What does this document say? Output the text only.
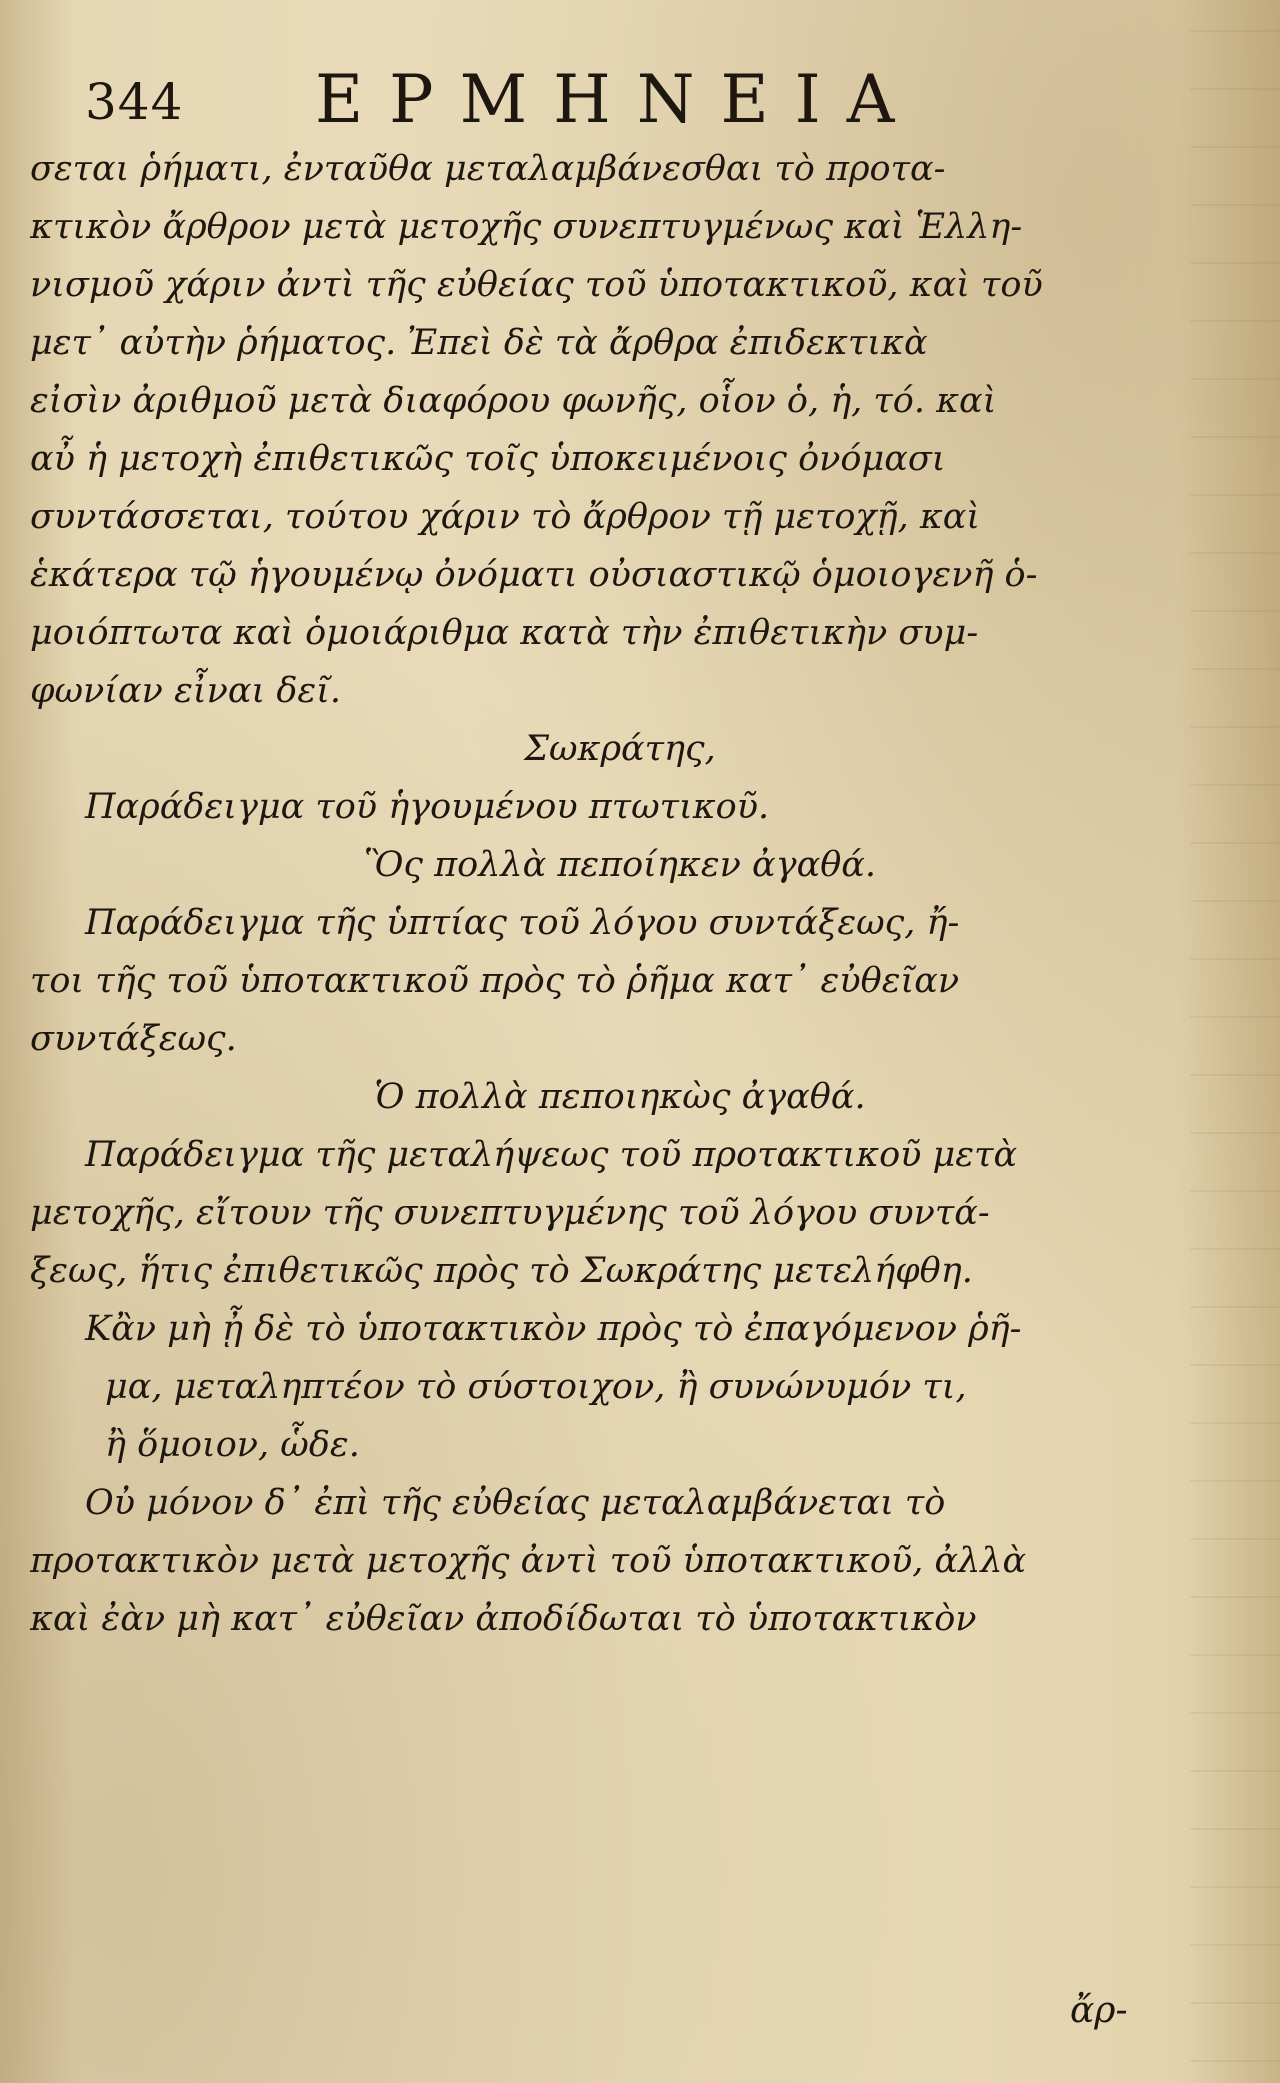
344 ΕΡΜΗΝΕΙΑ
σεται ῥήματι, ἐνταῦθα μεταλαμβάνεσθαι τὸ προτα-
κτικὸν ἄρθρον μετὰ μετοχῆς συνεπτυγμένως καὶ Ἑλλη-
νισμοῦ χάριν ἀντὶ τῆς εὐθείας τοῦ ὑποτακτικοῦ, καὶ τοῦ
μετ᾽ αὐτὴν ῥήματος. Ἐπεὶ δὲ τὰ ἄρθρα ἐπιδεκτικὰ
εἰσὶν ἀριθμοῦ μετὰ διαφόρου φωνῆς, οἷον ὁ, ἡ, τό. καὶ
αὖ ἡ μετοχὴ ἐπιθετικῶς τοῖς ὑποκειμένοις ὀνόμασι
συντάσσεται, τούτου χάριν τὸ ἄρθρον τῇ μετοχῇ, καὶ
ἑκάτερα τῷ ἡγουμένῳ ὀνόματι οὐσιαστικῷ ὁμοιογενῆ ὁ-
μοιόπτωτα καὶ ὁμοιάριθμα κατὰ τὴν ἐπιθετικὴν συμ-
φωνίαν εἶναι δεῖ.
Σωκράτης,
Παράδειγμα τοῦ ἡγουμένου πτωτικοῦ.
Ὃς πολλὰ πεποίηκεν ἀγαθά.
Παράδειγμα τῆς ὑπτίας τοῦ λόγου συντάξεως, ἤ-
τοι τῆς τοῦ ὑποτακτικοῦ πρὸς τὸ ῥῆμα κατ᾽ εὐθεῖαν
συντάξεως.
Ὁ πολλὰ πεποιηκὼς ἀγαθά.
Παράδειγμα τῆς μεταλήψεως τοῦ προτακτικοῦ μετὰ
μετοχῆς, εἴτουν τῆς συνεπτυγμένης τοῦ λόγου συντά-
ξεως, ἥτις ἐπιθετικῶς πρὸς τὸ Σωκράτης μετελήφθη.
Κἂν μὴ ᾖ δὲ τὸ ὑποτακτικὸν πρὸς τὸ ἐπαγόμενον ῥῆ-
μα, μεταληπτέον τὸ σύστοιχον, ἢ συνώνυμόν τι,
ἢ ὅμοιον, ὧδε.
Οὐ μόνον δ᾽ ἐπὶ τῆς εὐθείας μεταλαμβάνεται τὸ
προτακτικὸν μετὰ μετοχῆς ἀντὶ τοῦ ὑποτακτικοῦ, ἀλλὰ
καὶ ἐὰν μὴ κατ᾽ εὐθεῖαν ἀποδίδωται τὸ ὑποτακτικὸν
ἄρ-
